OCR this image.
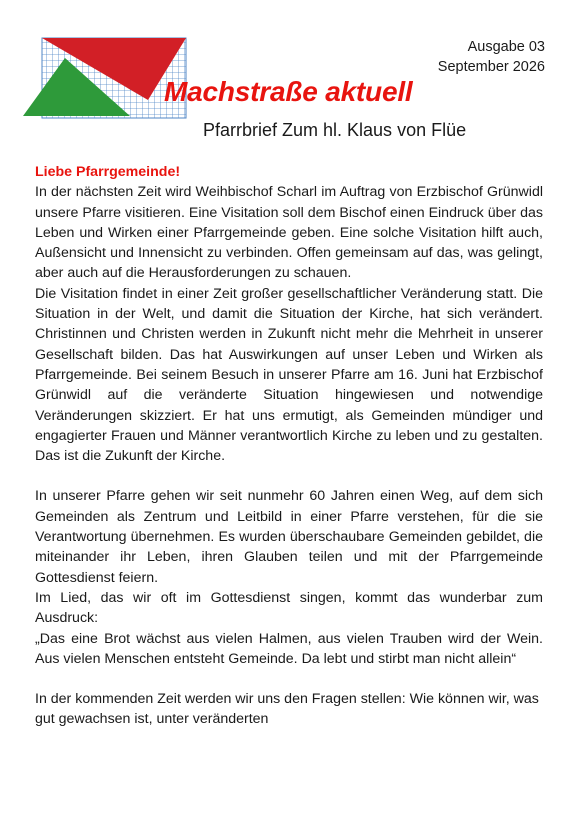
Ausgabe 03
September 2026
Machstraße aktuell
Pfarrbrief Zum hl. Klaus von Flüe

Liebe Pfarrgemeinde!

In der nächsten Zeit wird Weihbischof Scharl im Auftrag von Erzbischof Grünwidl unsere Pfarre visitieren. Eine Visitation soll dem Bischof einen Eindruck über das Leben und Wirken einer Pfarrgemeinde geben. Eine solche Visitation hilft auch, Außensicht und Innensicht zu verbinden. Offen gemeinsam auf das, was gelingt, aber auch auf die Herausforderungen zu schauen.

Die Visitation findet in einer Zeit großer gesellschaftlicher Veränderung statt. Die Situation in der Welt, und damit die Situation der Kirche, hat sich verändert. Christinnen und Christen werden in Zukunft nicht mehr die Mehrheit in unserer Gesellschaft bilden. Das hat Auswirkungen auf unser Leben und Wirken als Pfarrgemeinde. Bei seinem Besuch in unserer Pfarre am 16. Juni hat Erzbischof Grünwidl auf die veränderte Situation hingewiesen und notwendige Veränderungen skizziert. Er hat uns ermutigt, als Gemeinden mündiger und engagierter Frauen und Männer verantwortlich Kirche zu leben und zu gestalten. Das ist die Zukunft der Kirche.

In unserer Pfarre gehen wir seit nunmehr 60 Jahren einen Weg, auf dem sich Gemeinden als Zentrum und Leitbild in einer Pfarre verstehen, für die sie Verantwortung übernehmen. Es wurden überschaubare Gemeinden gebildet, die miteinander ihr Leben, ihren Glauben teilen und mit der Pfarrgemeinde Gottesdienst feiern.

Im Lied, das wir oft im Gottesdienst singen, kommt das wunderbar zum Ausdruck:

„Das eine Brot wächst aus vielen Halmen, aus vielen Trauben wird der Wein. Aus vielen Menschen entsteht Gemeinde. Da lebt und stirbt man nicht allein“

In der kommenden Zeit werden wir uns den Fragen stellen: Wie können wir, was gut gewachsen ist, unter veränderten
